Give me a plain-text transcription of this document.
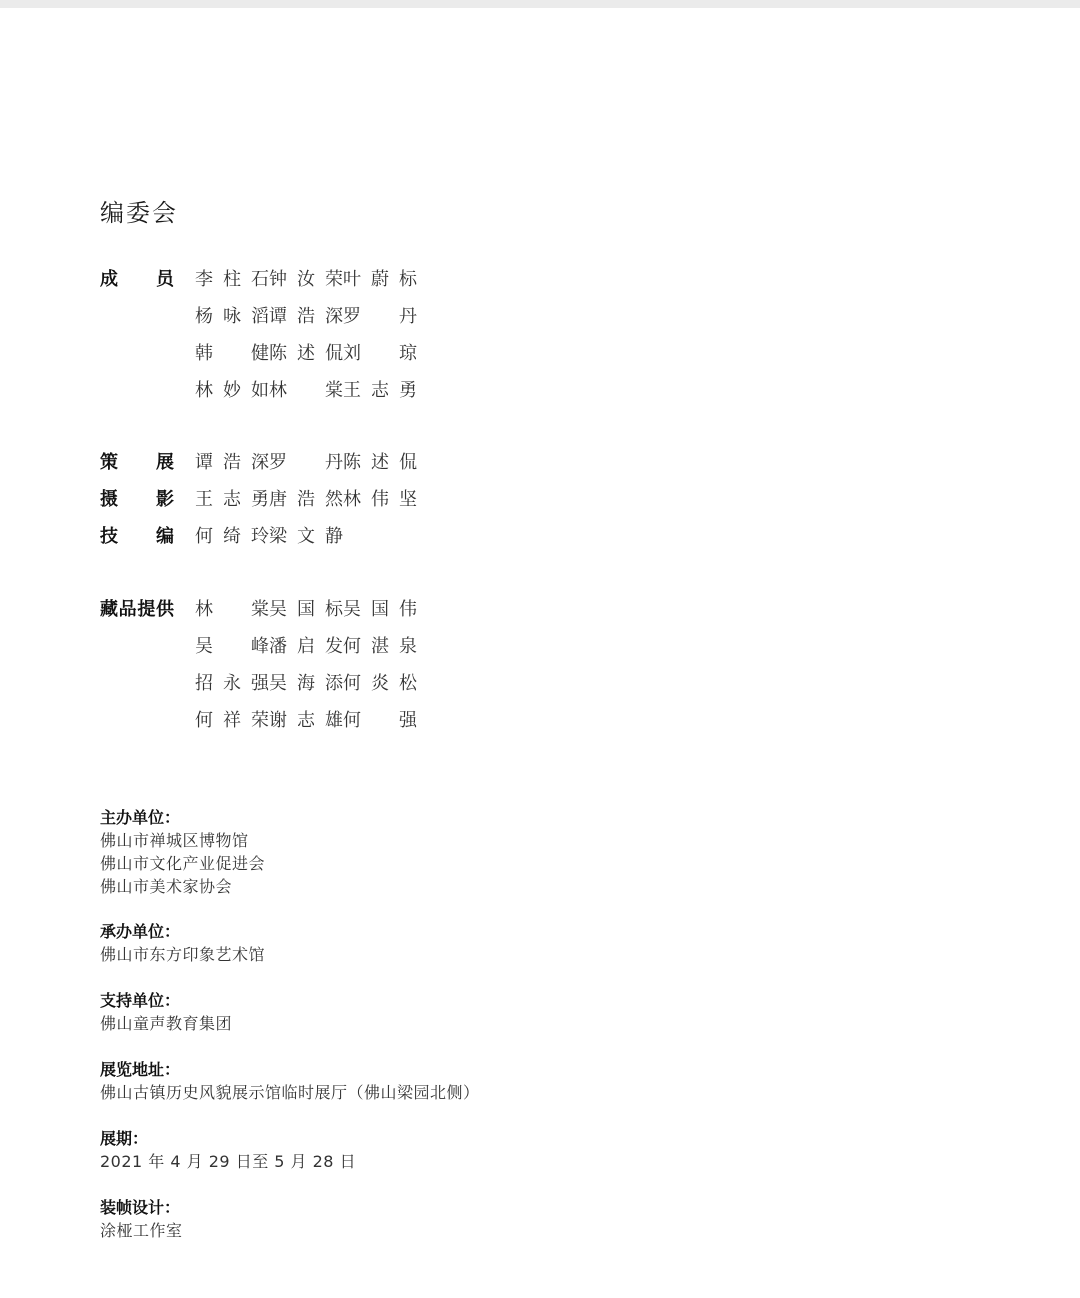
编委会
成 员 李 柱 石 钟 汝 荣 叶 蔚 标
杨 咏 滔 谭 浩 深 罗 丹
韩 健 陈 述 侃 刘 琼
林 妙 如 林 棠 王 志 勇
策 展 谭 浩 深 罗 丹 陈 述 侃
摄 影 王 志 勇 唐 浩 然 林 伟 坚
技 编 何 绮 玲 梁 文 静
藏 品 提 供 林 棠 吴 国 标 吴 国 伟
吴 峰 潘 启 发 何 湛 泉
招 永 强 吴 海 添 何 炎 松
何 祥 荣 谢 志 雄 何 强
主办单位：
佛山市禅城区博物馆
佛山市文化产业促进会
佛山市美术家协会
承办单位：
佛山市东方印象艺术馆
支持单位：
佛山童声教育集团
展览地址：
佛山古镇历史风貌展示馆临时展厅（佛山梁园北侧）
展期：
2021 年 4 月 29 日至 5 月 28 日
装帧设计：
涂桠工作室
